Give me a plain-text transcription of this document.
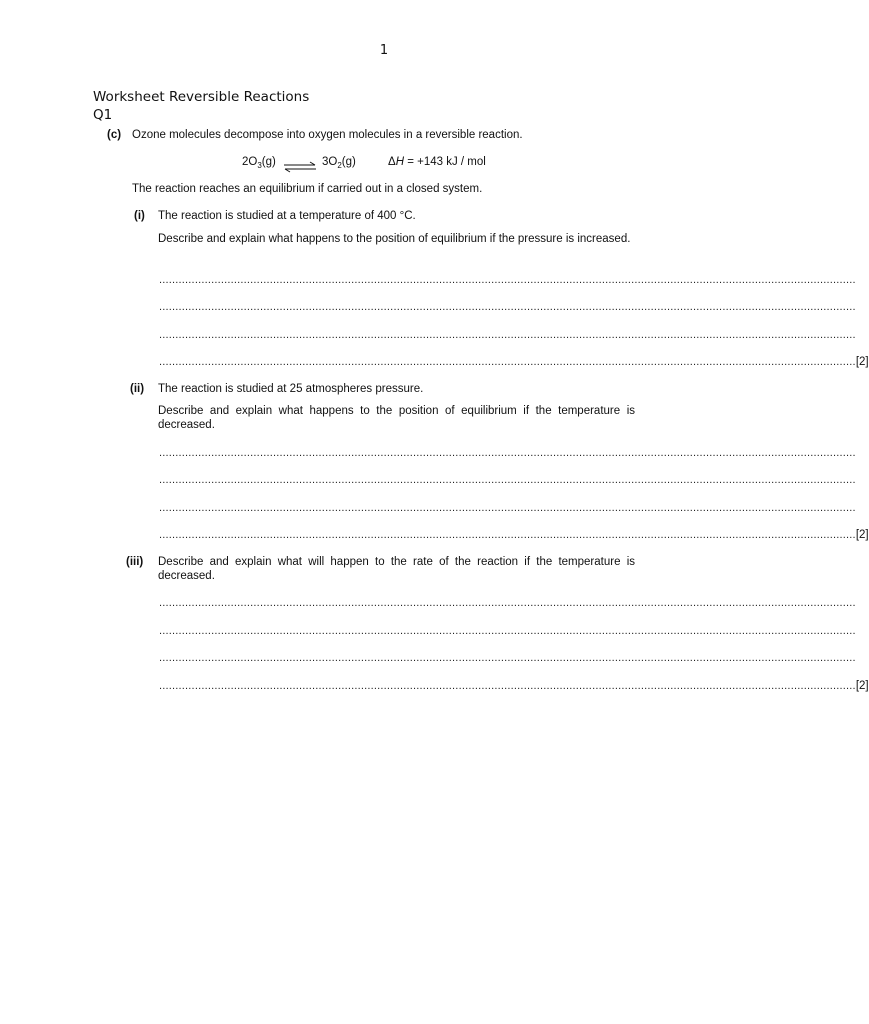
1
Worksheet Reversible Reactions
Q1
(c) Ozone molecules decompose into oxygen molecules in a reversible reaction.
$2O_3(g)$ ⇌ $3O_2(g)$	ΔH = +143 kJ / mol
The reaction reaches an equilibrium if carried out in a closed system.
(i) The reaction is studied at a temperature of 400 °C.
Describe and explain what happens to the position of equilibrium if the pressure is increased.
......................................................................................................................................................................................................................
......................................................................................................................................................................................................................
......................................................................................................................................................................................................................
...................................................................................................................................................................................................................... [2]
(ii) The reaction is studied at 25 atmospheres pressure.
Describe and explain what happens to the position of equilibrium if the temperature is decreased.
......................................................................................................................................................................................................................
......................................................................................................................................................................................................................
......................................................................................................................................................................................................................
...................................................................................................................................................................................................................... [2]
(iii) Describe and explain what will happen to the rate of the reaction if the temperature is decreased.
......................................................................................................................................................................................................................
......................................................................................................................................................................................................................
......................................................................................................................................................................................................................
...................................................................................................................................................................................................................... [2]
